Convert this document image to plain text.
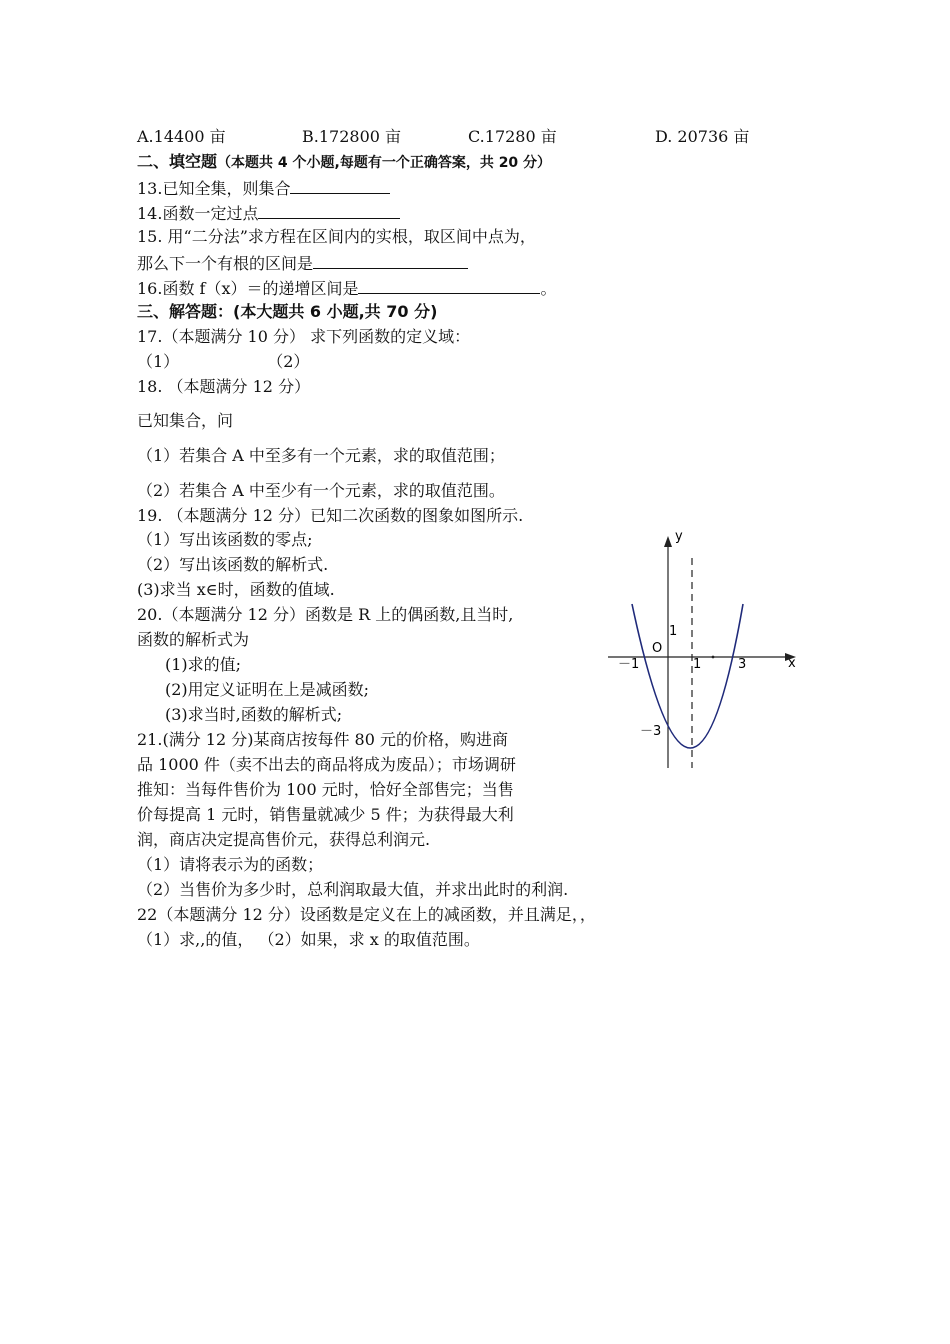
A.14400 亩	B.172800 亩	C.17280 亩	D. 20736 亩
二、填空题（本题共 4 个小题,每题有一个正确答案，共 20 分）
13.已知全集，则集合
14.函数一定过点
15. 用“二分法”求方程在区间内的实根，取区间中点为，
那么下一个有根的区间是
16.函数 f（x）＝的递增区间是	。
三、解答题：(本大题共 6 小题,共 70 分)
17.（本题满分 10 分） 求下列函数的定义域：
（1）	（2）
18. （本题满分 12 分）
已知集合，问
（1）若集合 A 中至多有一个元素，求的取值范围；
（2）若集合 A 中至少有一个元素，求的取值范围。
19. （本题满分 12 分）已知二次函数的图象如图所示.
（1）写出该函数的零点;
（2）写出该函数的解析式.
(3)求当 x∈时，函数的值域.
20.（本题满分 12 分）函数是 R 上的偶函数,且当时,
函数的解析式为
(1)求的值;
(2)用定义证明在上是减函数;
(3)求当时,函数的解析式;
21.(满分 12 分)某商店按每件 80 元的价格，购进商
品 1000 件（卖不出去的商品将成为废品）；市场调研
推知：当每件售价为 100 元时，恰好全部售完；当售
价每提高 1 元时，销售量就减少 5 件；为获得最大利
润，商店决定提高售价元，获得总利润元.
（1）请将表示为的函数；
（2）当售价为多少时，总利润取最大值，并求出此时的利润.
22（本题满分 12 分）设函数是定义在上的减函数，并且满足，，
（1）求,,的值， （2）如果，求 x 的取值范围。
y
x
O
1
－1	1	3
－3
